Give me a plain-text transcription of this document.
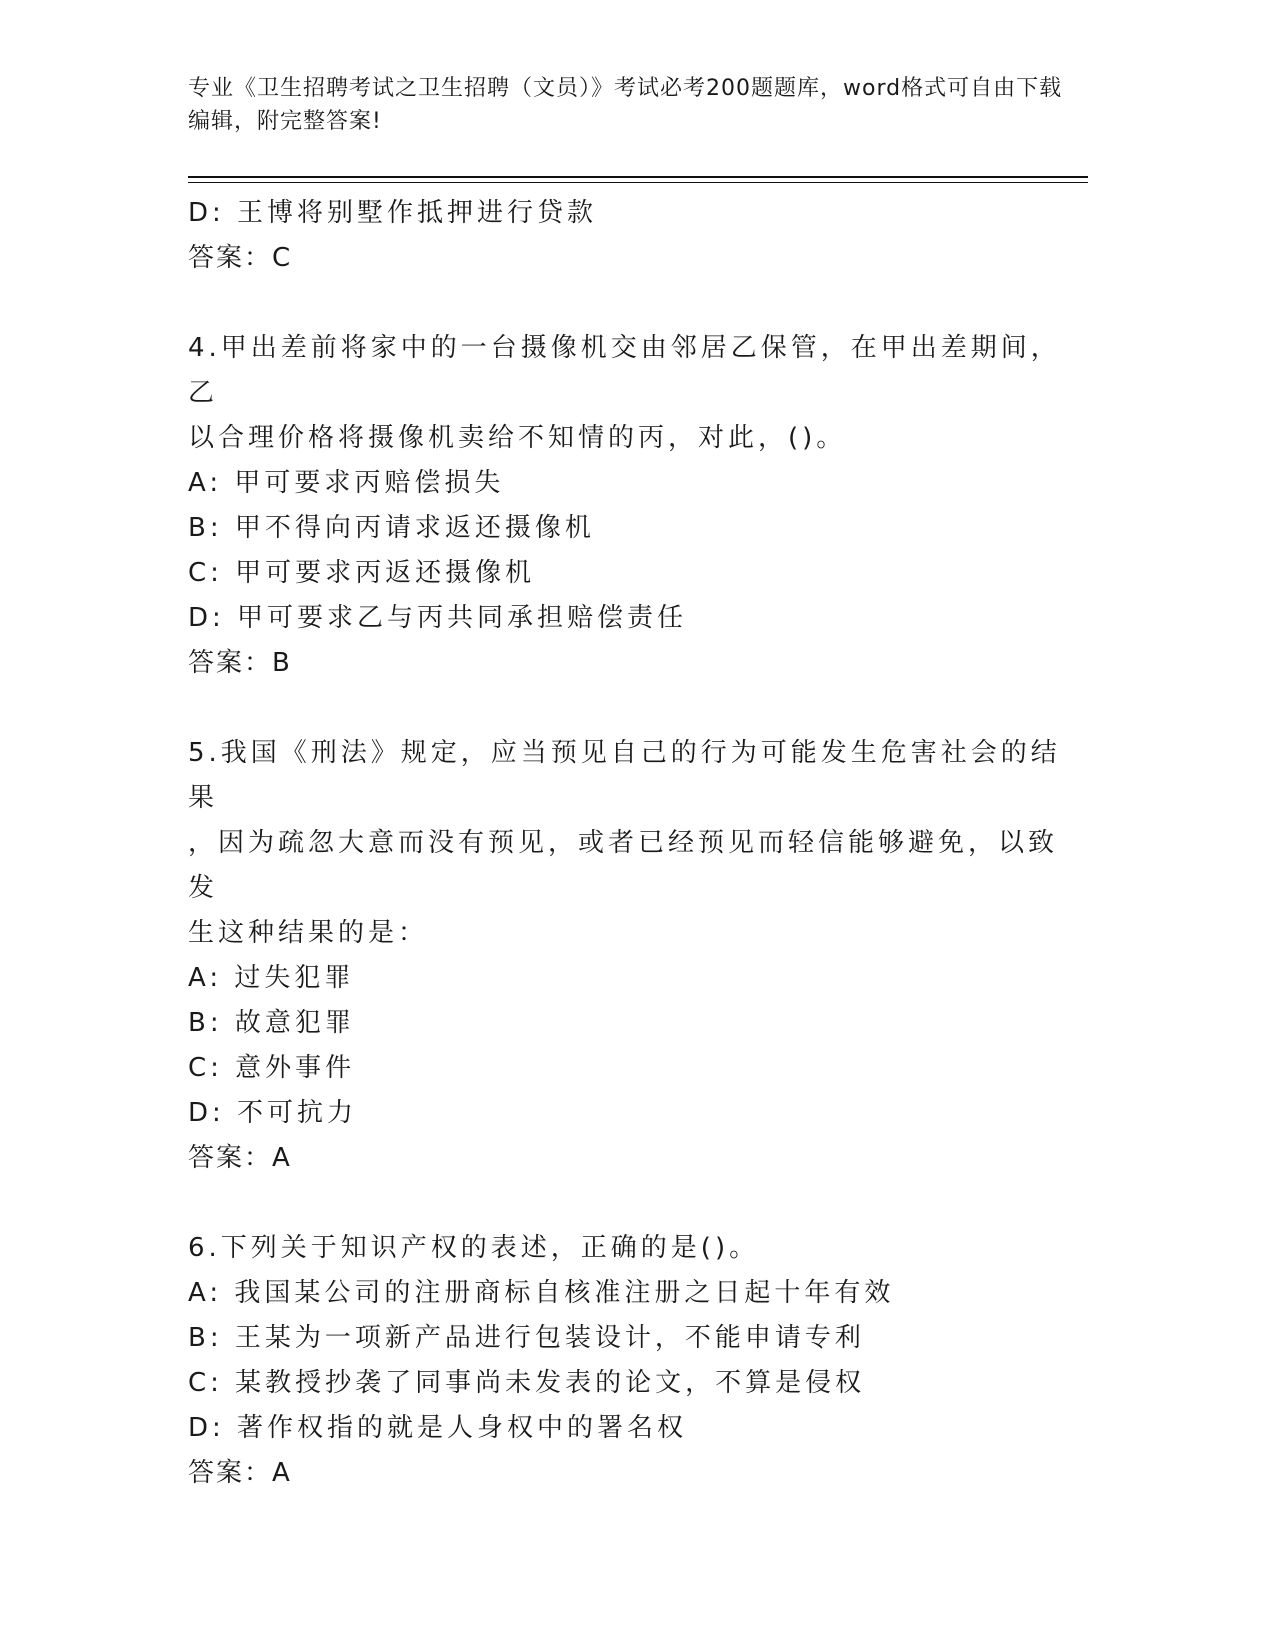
专业《卫生招聘考试之卫生招聘（文员）》考试必考200题题库，word格式可自由下载编辑，附完整答案!
D: 王博将别墅作抵押进行贷款
答案：C
4.甲出差前将家中的一台摄像机交由邻居乙保管，在甲出差期间，乙
以合理价格将摄像机卖给不知情的丙，对此，()。
A: 甲可要求丙赔偿损失
B: 甲不得向丙请求返还摄像机
C: 甲可要求丙返还摄像机
D: 甲可要求乙与丙共同承担赔偿责任
答案：B
5.我国《刑法》规定，应当预见自己的行为可能发生危害社会的结果
，因为疏忽大意而没有预见，或者已经预见而轻信能够避免，以致发
生这种结果的是：
A: 过失犯罪
B: 故意犯罪
C: 意外事件
D: 不可抗力
答案：A
6.下列关于知识产权的表述，正确的是()。
A: 我国某公司的注册商标自核准注册之日起十年有效
B: 王某为一项新产品进行包装设计，不能申请专利
C: 某教授抄袭了同事尚未发表的论文，不算是侵权
D: 著作权指的就是人身权中的署名权
答案：A
